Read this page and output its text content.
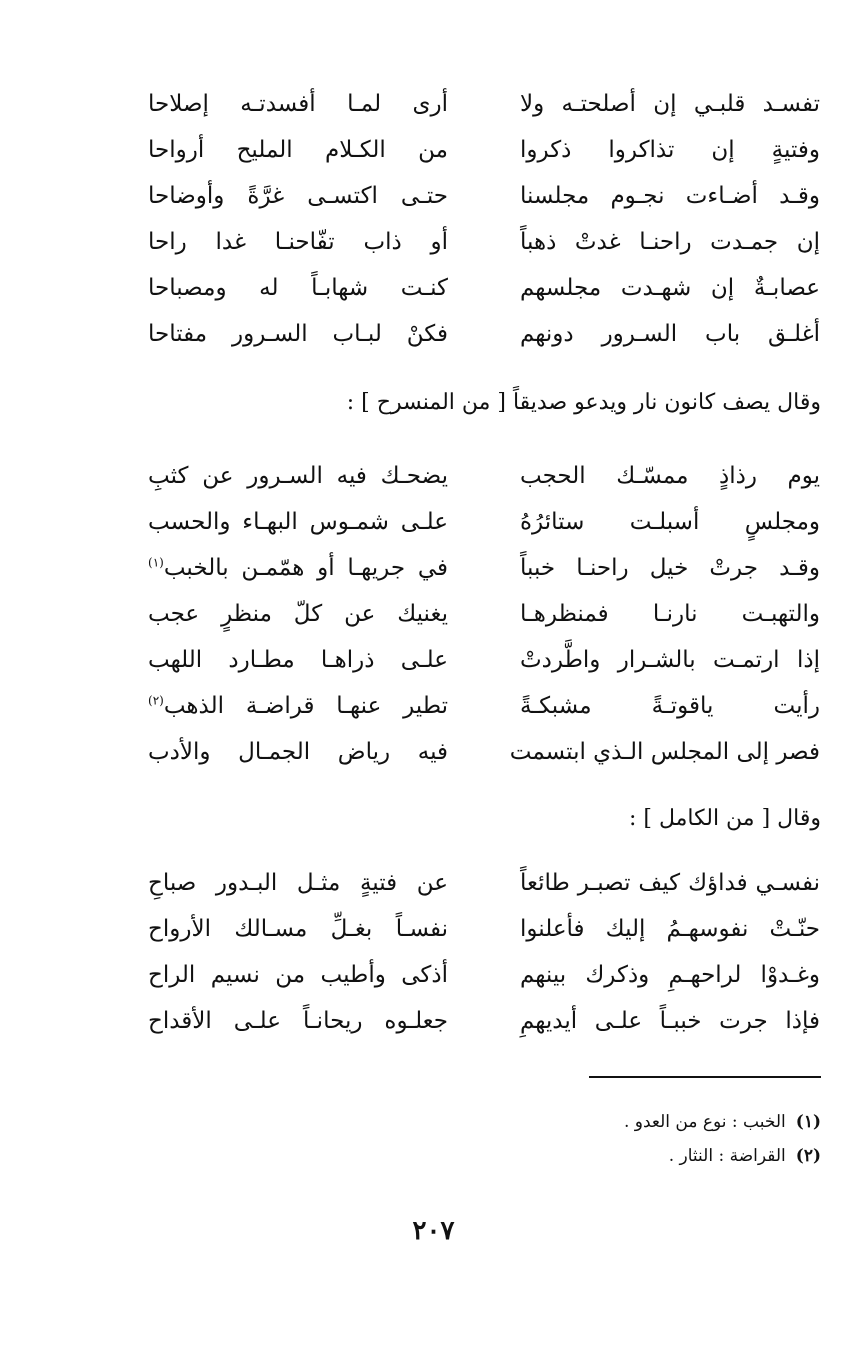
تفسـد قلبـي إن أصلحتـه ولا
أرى لمـا أفسدتـه إصلاحا
وفتيةٍ إن تذاكروا ذكروا
من الكـلام المليح أرواحا
وقـد أضـاءت نجـوم مجلسنا
حتـى اكتسـى غرَّةً وأوضاحا
إن جمـدت راحنـا غدتْ ذهباً
أو ذاب تفّاحنـا غدا راحا
عصابـةٌ إن شهـدت مجلسهم
كنـت شهابـاً له ومصباحا
أغلـق باب السـرور دونهم
فكنْ لبـاب السـرور مفتاحا
وقال يصف كانون نار ويدعو صديقاً [ من المنسرح ] :
يوم رذاذٍ ممسّـك الحجب
يضحـك فيه السـرور عن كثبِ
ومجلسٍ أسبلـت ستائرُهُ
علـى شمـوس البهـاء والحسب
وقـد جرتْ خيل راحنـا خبباً
في جريهـا أو همّمـن بالخبب$^{(١)}$
والتهبـت نارنـا فمنظرهـا
يغنيك عن كلّ منظرٍ عجب
إذا ارتمـت بالشـرار واطَّردتْ
علـى ذراهـا مطـارد اللهب
رأيت ياقوتـةً مشبكـةً
تطير عنهـا قراضـة الذهب$^{(٢)}$
فصر إلى المجلس الـذي ابتسمت
فيه رياض الجمـال والأدب
وقال [ من الكامل ] :
نفسـي فداؤك كيف تصبـر طائعاً
عن فتيةٍ مثـل البـدور صباحِ
حنّـتْ نفوسهـمُ إليك فأعلنوا
نفسـاً بغـلِّ مسـالك الأرواح
وغـدوْا لراحهـمِ وذكرك بينهم
أذكى وأطيب من نسيم الراح
فإذا جرت خببـاً علـى أيديهمِ
جعلـوه ريحانـاً علـى الأقداح
(١)الخبب : نوع من العدو .
(٢)القراضة : النثار .
٢٠٧
